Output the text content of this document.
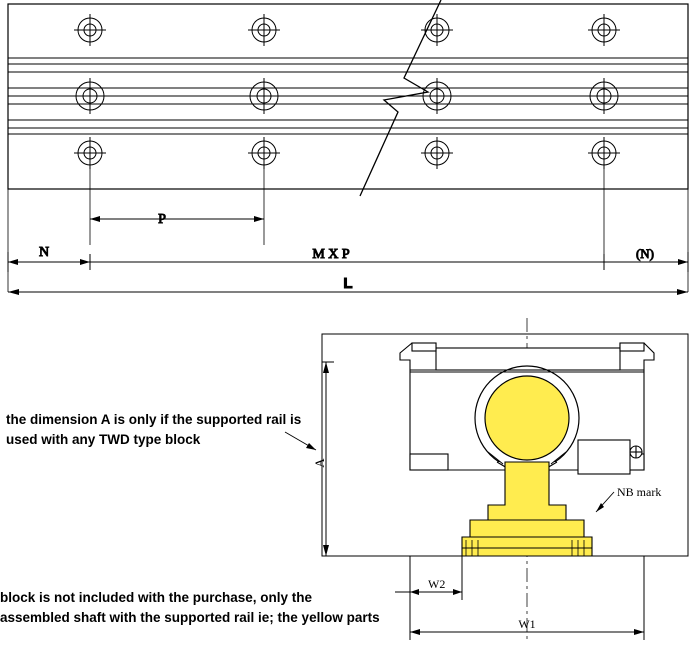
P
N	M X P	(N)
L
A
NB mark
W2
W1
the dimension A is only if the supported rail is used with any TWD type block
block is not included with the purchase, only the assembled shaft with the supported rail ie; the yellow parts
